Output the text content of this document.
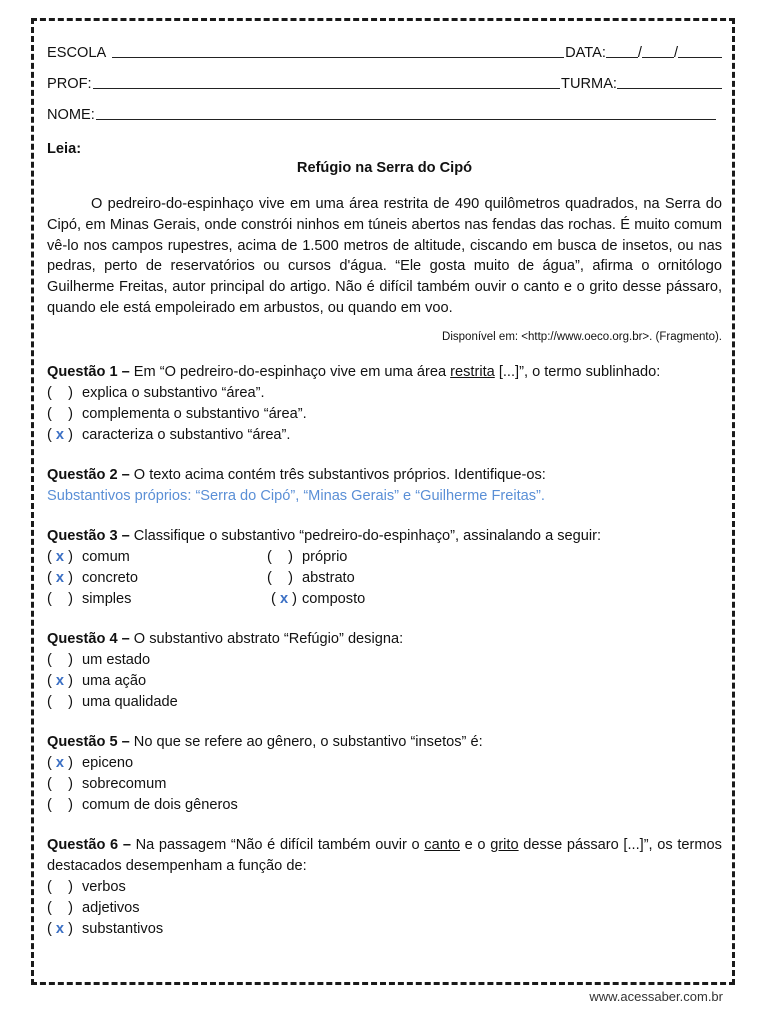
ESCOLA	DATA: / /
PROF:	TURMA:
NOME:
Leia:
Refúgio na Serra do Cipó
O pedreiro-do-espinhaço vive em uma área restrita de 490 quilômetros quadrados, na Serra do Cipó, em Minas Gerais, onde constrói ninhos em túneis abertos nas fendas das rochas. É muito comum vê-lo nos campos rupestres, acima de 1.500 metros de altitude, ciscando em busca de insetos, ou nas pedras, perto de reservatórios ou cursos d'água. “Ele gosta muito de água”, afirma o ornitólogo Guilherme Freitas, autor principal do artigo. Não é difícil também ouvir o canto e o grito desse pássaro, quando ele está empoleirado em arbustos, ou quando em voo.
Disponível em: <http://www.oeco.org.br>. (Fragmento).
Questão 1 – Em “O pedreiro-do-espinhaço vive em uma área restrita [...]”, o termo sublinhado:
(    ) explica o substantivo “área”.
(    ) complementa o substantivo “área”.
( x ) caracteriza o substantivo “área”.
Questão 2 – O texto acima contém três substantivos próprios. Identifique-os:
Substantivos próprios: “Serra do Cipó”, “Minas Gerais” e “Guilherme Freitas”.
Questão 3 – Classifique o substantivo “pedreiro-do-espinhaço”, assinalando a seguir:
( x ) comum	(    ) próprio
( x ) concreto	(    ) abstrato
(    ) simples	( x ) composto
Questão 4 – O substantivo abstrato “Refúgio” designa:
(    ) um estado
( x ) uma ação
(    ) uma qualidade
Questão 5 – No que se refere ao gênero, o substantivo “insetos” é:
( x ) epiceno
(    ) sobrecomum
(    ) comum de dois gêneros
Questão 6 – Na passagem “Não é difícil também ouvir o canto e o grito desse pássaro [...]”, os termos destacados desempenham a função de:
(    ) verbos
(    ) adjetivos
( x ) substantivos
www.acessaber.com.br
